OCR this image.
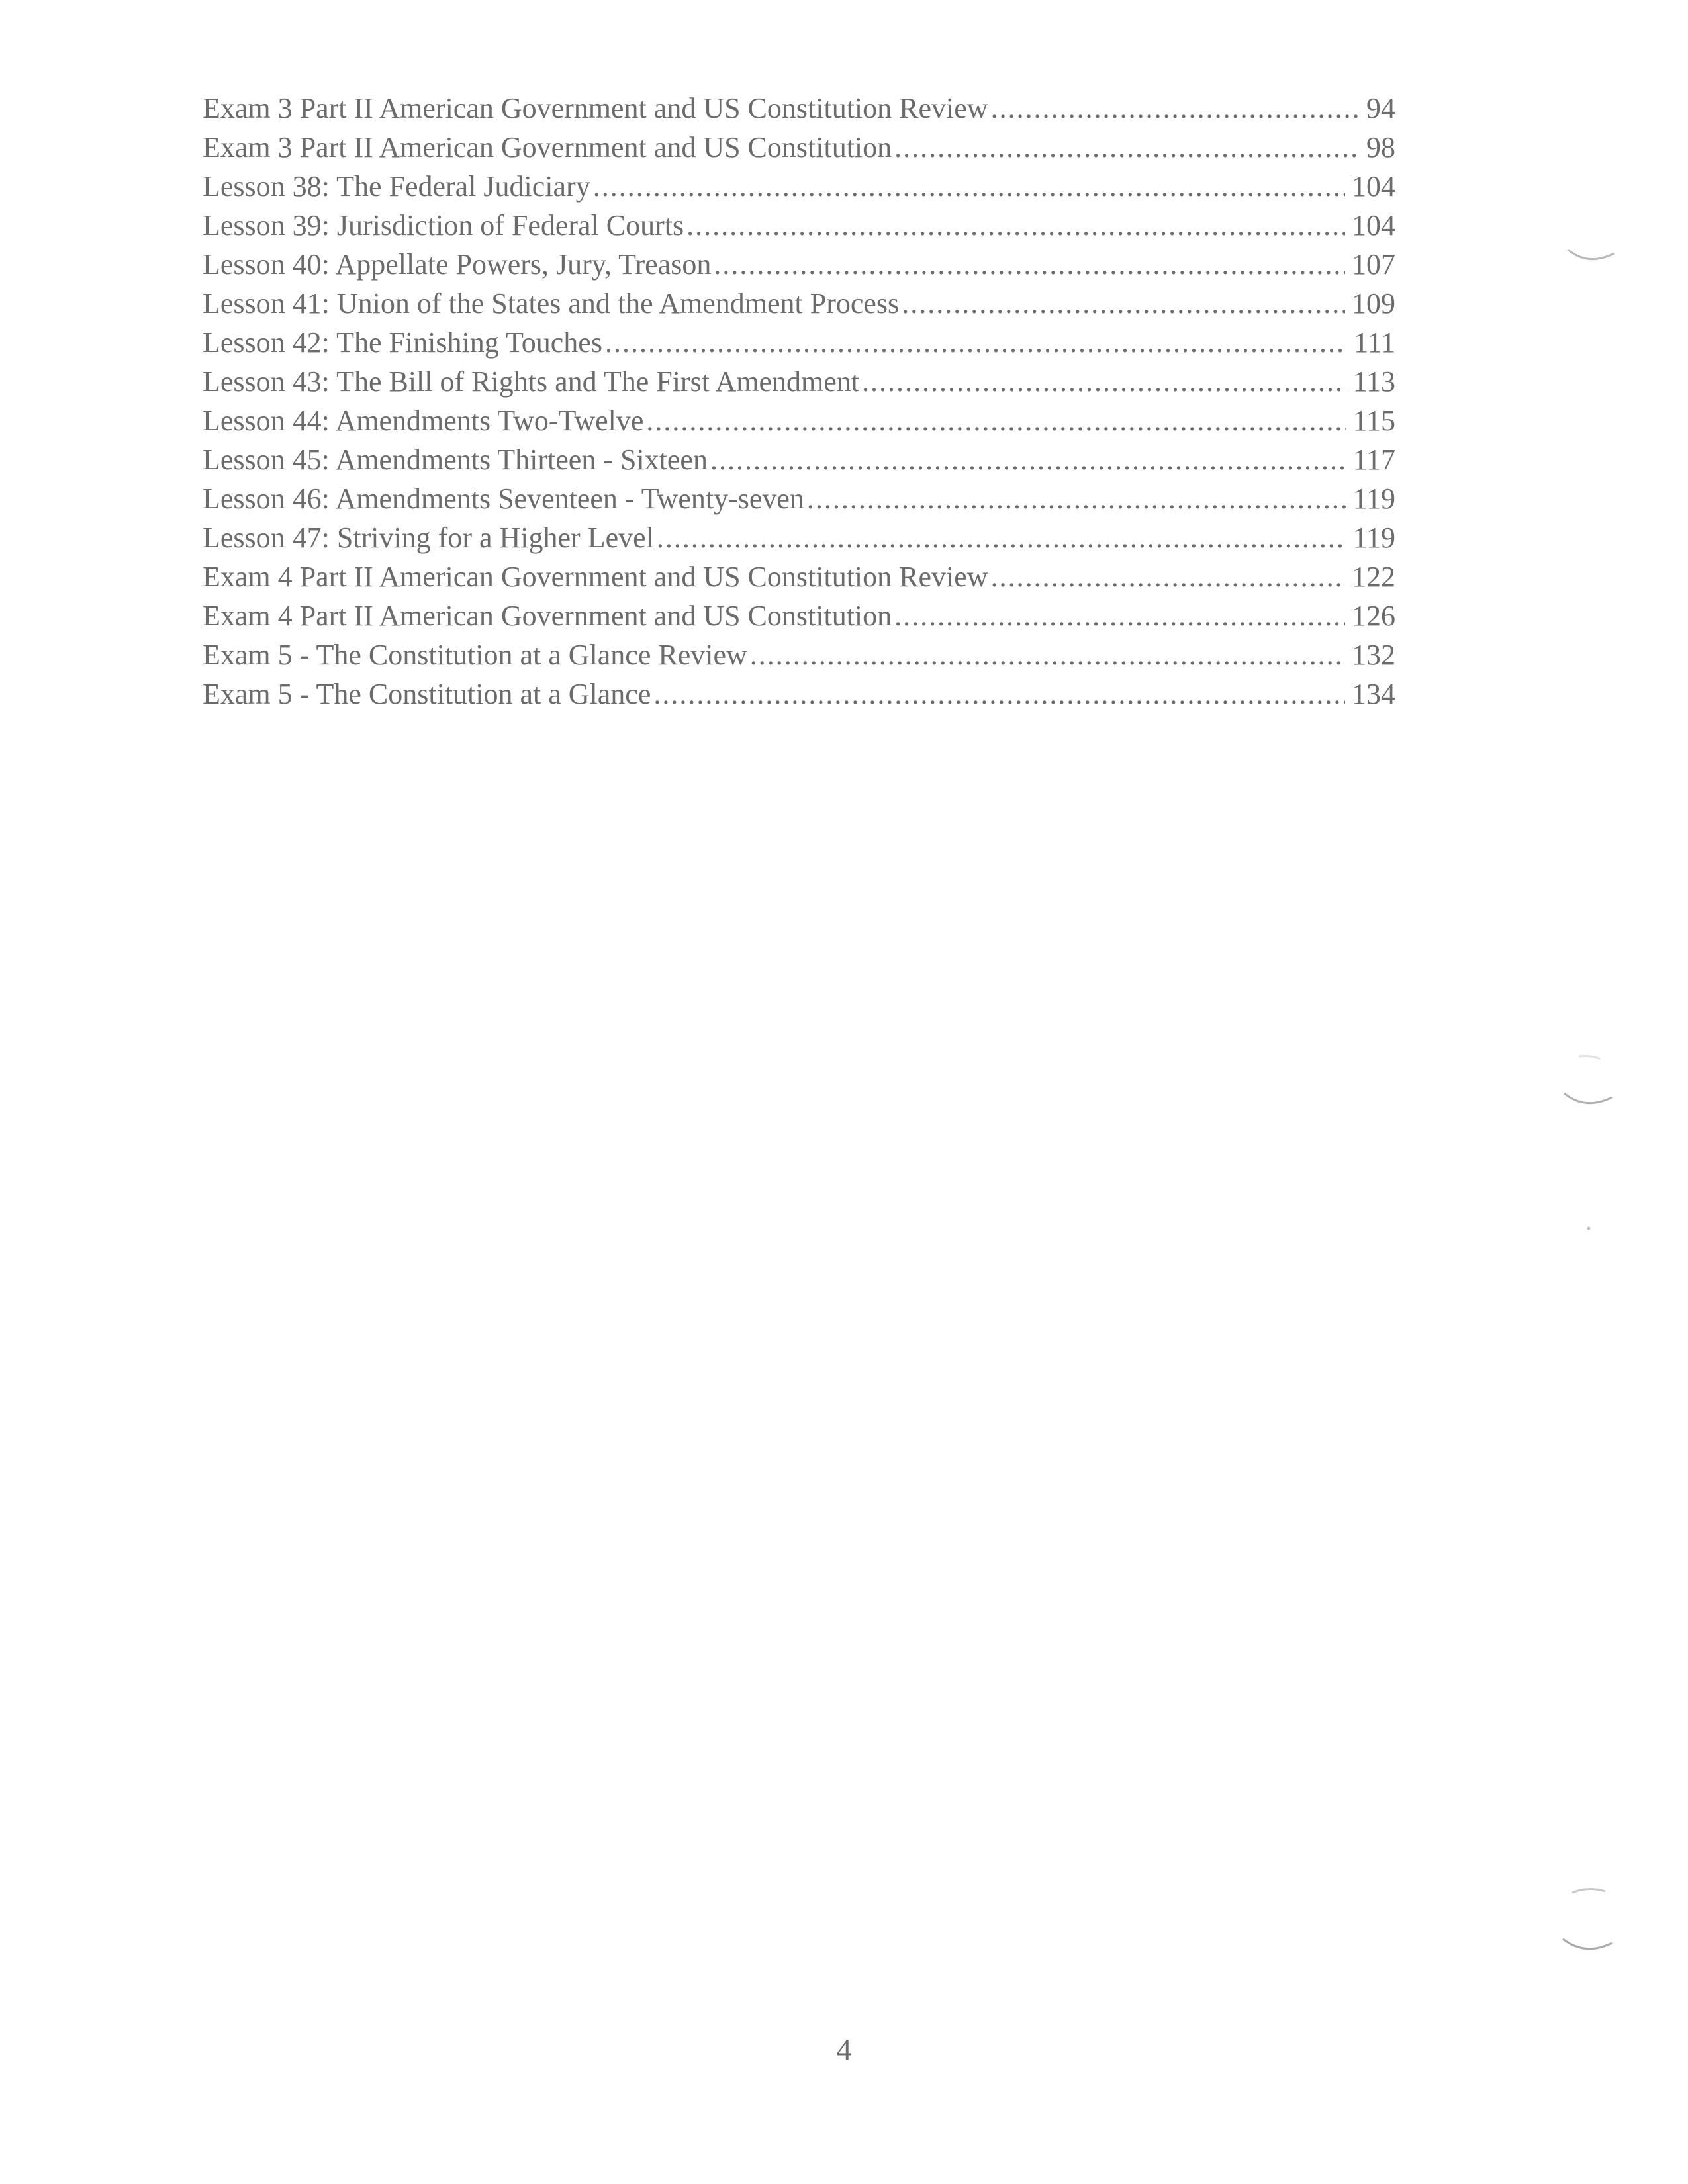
Exam 3 Part II American Government and US Constitution Review .....	94
Exam 3 Part II American Government and US Constitution .....	98
Lesson 38: The Federal Judiciary .....	104
Lesson 39: Jurisdiction of Federal Courts .....	104
Lesson 40: Appellate Powers, Jury, Treason .....	107
Lesson 41: Union of the States and the Amendment Process .....	109
Lesson 42: The Finishing Touches .....	111
Lesson 43: The Bill of Rights and The First Amendment .....	113
Lesson 44: Amendments Two-Twelve .....	115
Lesson 45: Amendments Thirteen - Sixteen .....	117
Lesson 46: Amendments Seventeen - Twenty-seven .....	119
Lesson 47: Striving for a Higher Level .....	119
Exam 4 Part II American Government and US Constitution Review .....	122
Exam 4 Part II American Government and US Constitution .....	126
Exam 5 - The Constitution at a Glance Review .....	132
Exam 5 - The Constitution at a Glance .....	134
4
